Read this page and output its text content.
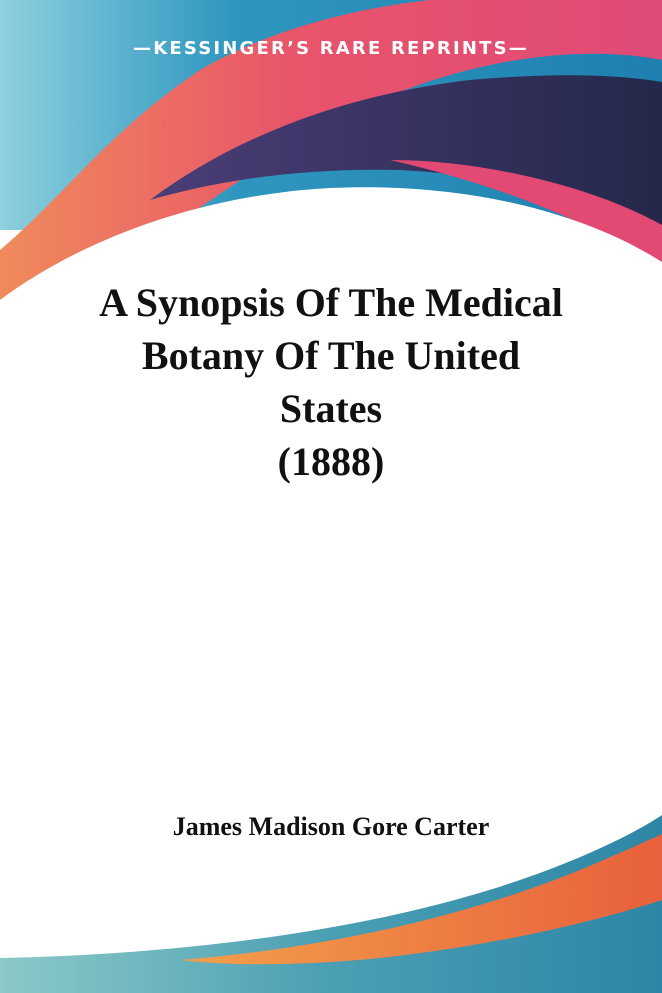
—KESSINGER’S RARE REPRINTS—
A Synopsis Of The Medical
Botany Of The United
States
(1888)
James Madison Gore Carter
